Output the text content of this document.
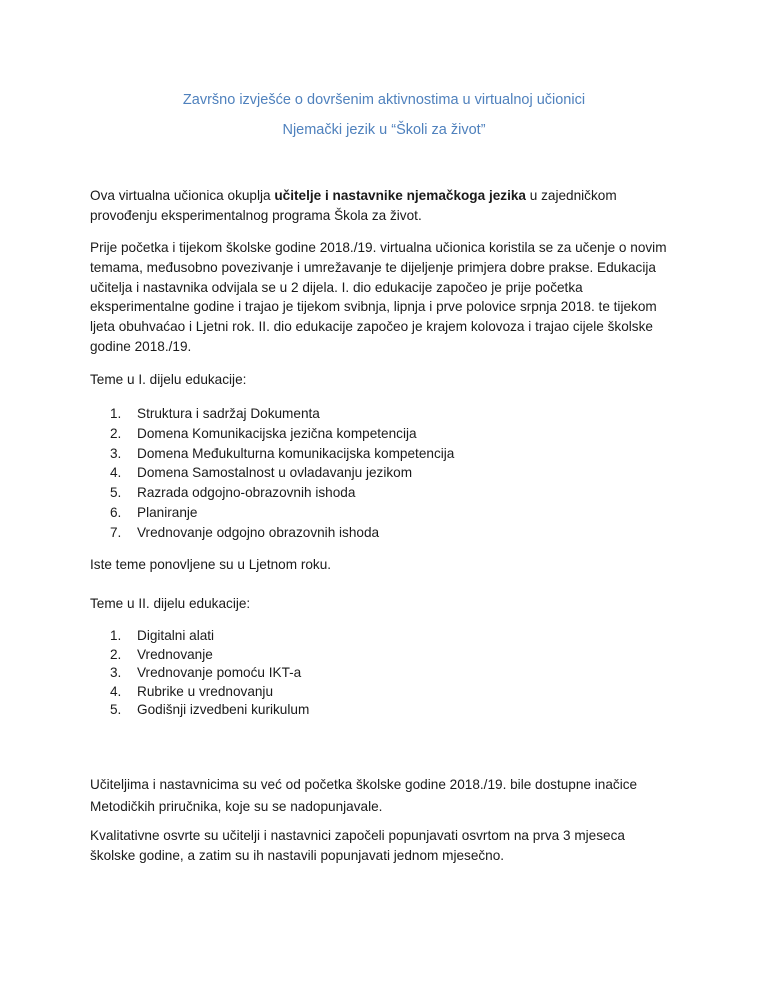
Završno izvješće o dovršenim aktivnostima u virtualnoj učionici
Njemački jezik u “Školi za život”
Ova virtualna učionica okuplja učitelje i nastavnike njemačkoga jezika u zajedničkom
provođenju eksperimentalnog programa Škola za život.
Prije početka i tijekom školske godine 2018./19. virtualna učionica koristila se za učenje o novim
temama, međusobno povezivanje i umrežavanje te dijeljenje primjera dobre prakse. Edukacija
učitelja i nastavnika odvijala se u 2 dijela. I. dio edukacije započeo je prije početka
eksperimentalne godine i trajao je tijekom svibnja, lipnja i prve polovice srpnja 2018. te tijekom
ljeta obuhvaćao i Ljetni rok. II. dio edukacije započeo je krajem kolovoza i trajao cijele školske
godine 2018./19.
Teme u I. dijelu edukacije:
1. Struktura i sadržaj Dokumenta
2. Domena Komunikacijska jezična kompetencija
3. Domena Međukulturna komunikacijska kompetencija
4. Domena Samostalnost u ovladavanju jezikom
5. Razrada odgojno-obrazovnih ishoda
6. Planiranje
7. Vrednovanje odgojno obrazovnih ishoda
Iste teme ponovljene su u Ljetnom roku.
Teme u II. dijelu edukacije:
1. Digitalni alati
2. Vrednovanje
3. Vrednovanje pomoću IKT-a
4. Rubrike u vrednovanju
5. Godišnji izvedbeni kurikulum
Učiteljima i nastavnicima su već od početka školske godine 2018./19. bile dostupne inačice
Metodičkih priručnika, koje su se nadopunjavale.
Kvalitativne osvrte su učitelji i nastavnici započeli popunjavati osvrtom na prva 3 mjeseca
školske godine, a zatim su ih nastavili popunjavati jednom mjesečno.
